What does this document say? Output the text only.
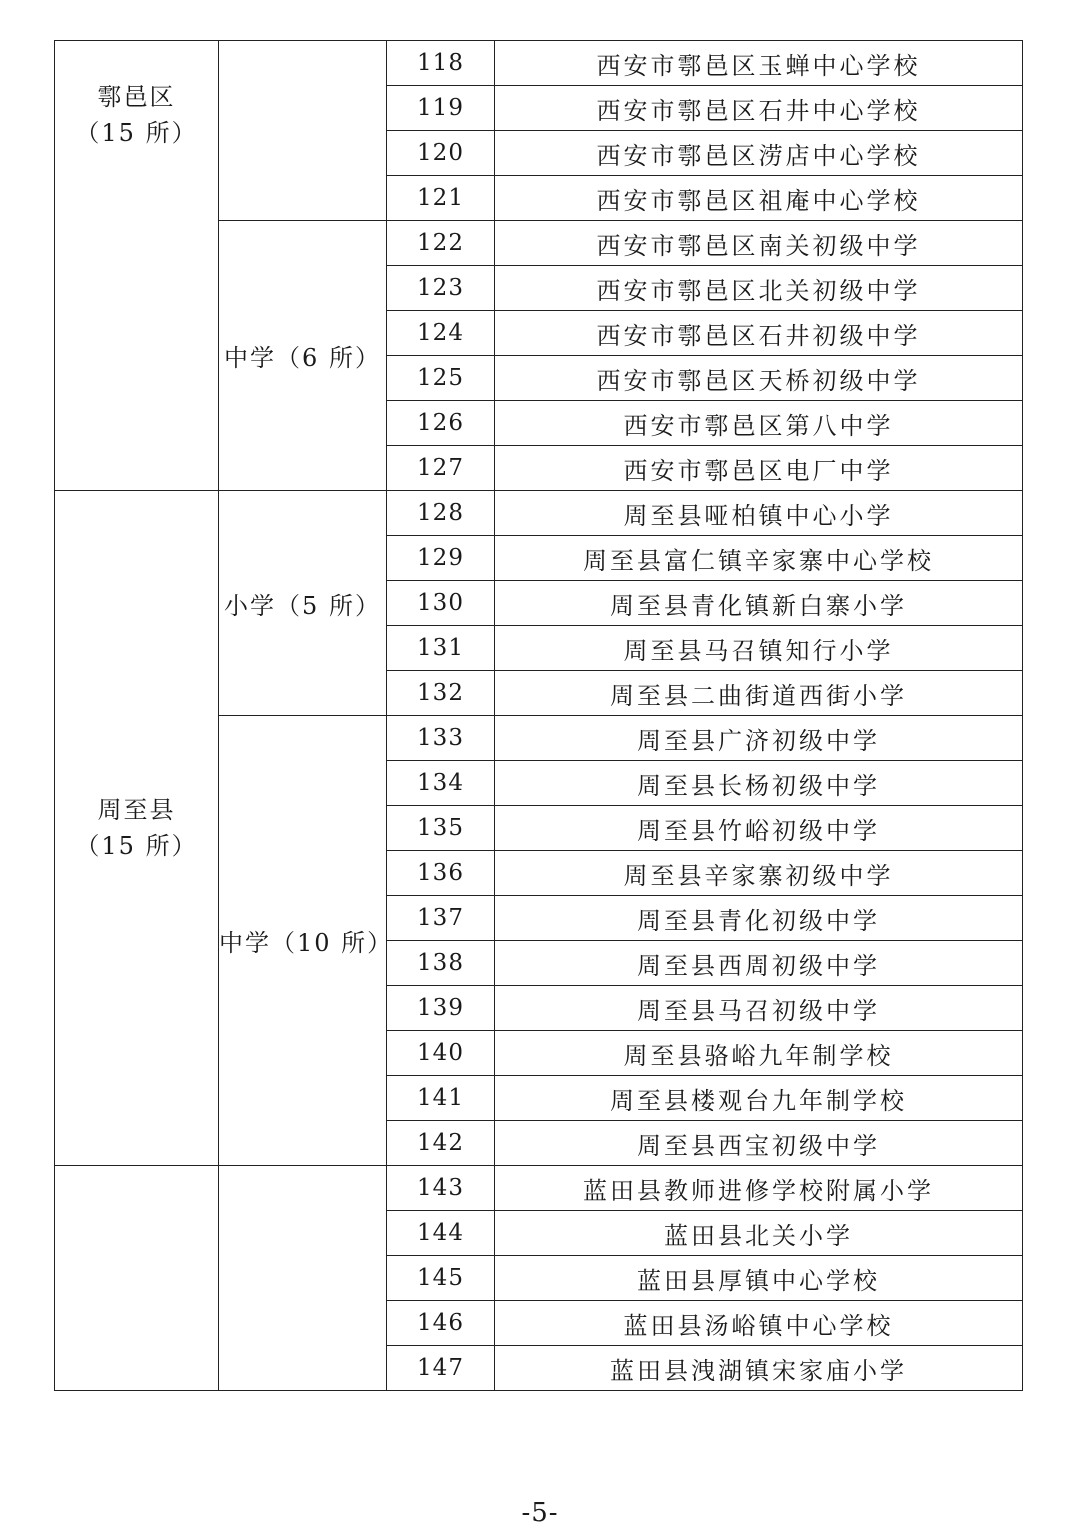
鄠邑区
（15 所）		118	西安市鄠邑区玉蝉中心学校
		119	西安市鄠邑区石井中心学校
		120	西安市鄠邑区涝店中心学校
		121	西安市鄠邑区祖庵中心学校
	中学（6 所）	122	西安市鄠邑区南关初级中学
		123	西安市鄠邑区北关初级中学
		124	西安市鄠邑区石井初级中学
		125	西安市鄠邑区天桥初级中学
		126	西安市鄠邑区第八中学
		127	西安市鄠邑区电厂中学

周至县
（15 所）	小学（5 所）	128	周至县哑柏镇中心小学
		129	周至县富仁镇辛家寨中心学校
		130	周至县青化镇新白寨小学
		131	周至县马召镇知行小学
		132	周至县二曲街道西街小学
	中学（10 所）	133	周至县广济初级中学
		134	周至县长杨初级中学
		135	周至县竹峪初级中学
		136	周至县辛家寨初级中学
		137	周至县青化初级中学
		138	周至县西周初级中学
		139	周至县马召初级中学
		140	周至县骆峪九年制学校
		141	周至县楼观台九年制学校
		142	周至县西宝初级中学
		143	蓝田县教师进修学校附属小学
		144	蓝田县北关小学
		145	蓝田县厚镇中心学校
		146	蓝田县汤峪镇中心学校
		147	蓝田县洩湖镇宋家庙小学
-5-
